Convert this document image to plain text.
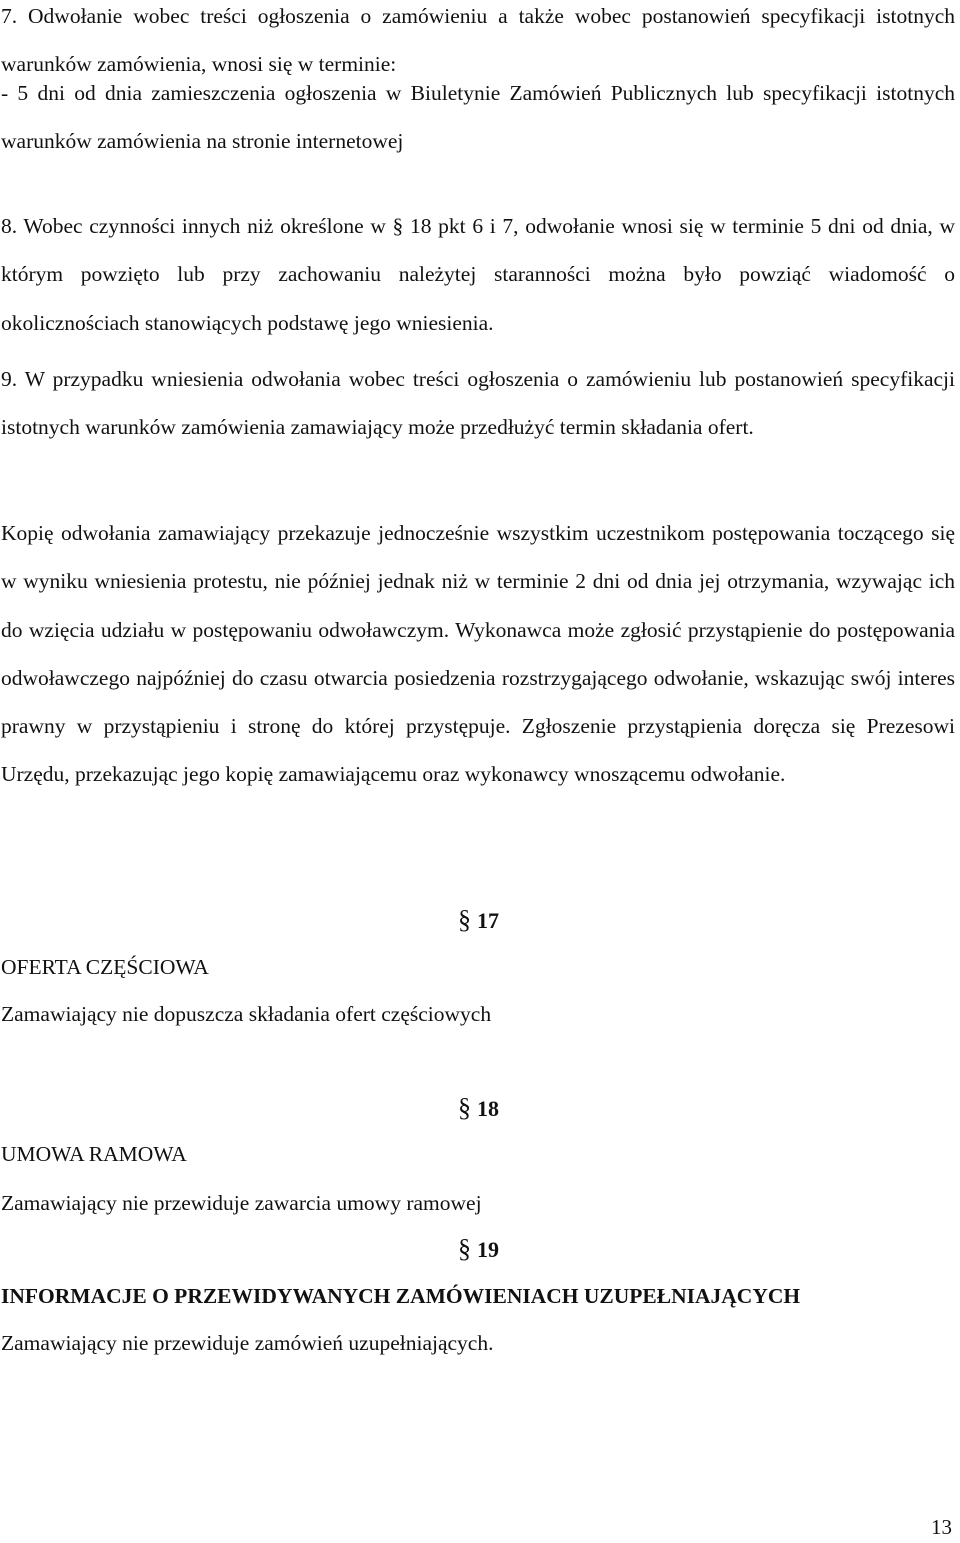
7. Odwołanie wobec treści ogłoszenia o zamówieniu a także wobec postanowień specyfikacji istotnych warunków zamówienia, wnosi się w terminie:

- 5 dni od dnia zamieszczenia ogłoszenia w Biuletynie Zamówień Publicznych lub specyfikacji istotnych warunków zamówienia na stronie internetowej

8. Wobec czynności innych niż określone w § 18 pkt 6 i 7, odwołanie wnosi się w terminie 5 dni od dnia, w którym powzięto lub przy zachowaniu należytej staranności można było powziąć wiadomość o okolicznościach stanowiących podstawę jego wniesienia.

9. W przypadku wniesienia odwołania wobec treści ogłoszenia o zamówieniu lub postanowień specyfikacji istotnych warunków zamówienia zamawiający może przedłużyć termin składania ofert.

Kopię odwołania zamawiający przekazuje jednocześnie wszystkim uczestnikom postępowania toczącego się w wyniku wniesienia protestu, nie później jednak niż w terminie 2 dni od dnia jej otrzymania, wzywając ich do wzięcia udziału w postępowaniu odwoławczym. Wykonawca może zgłosić przystąpienie do postępowania odwoławczego najpóźniej do czasu otwarcia posiedzenia rozstrzygającego odwołanie, wskazując swój interes prawny w przystąpieniu i stronę do której przystępuje. Zgłoszenie przystąpienia doręcza się Prezesowi Urzędu, przekazując jego kopię zamawiającemu oraz wykonawcy wnoszącemu odwołanie.

§ 17
OFERTA CZĘŚCIOWA
Zamawiający nie dopuszcza składania ofert częściowych
§ 18
UMOWA RAMOWA
Zamawiający nie przewiduje zawarcia umowy ramowej
§ 19
INFORMACJE O PRZEWIDYWANYCH ZAMÓWIENIACH UZUPEŁNIAJĄCYCH
Zamawiający nie przewiduje zamówień uzupełniających.
13
